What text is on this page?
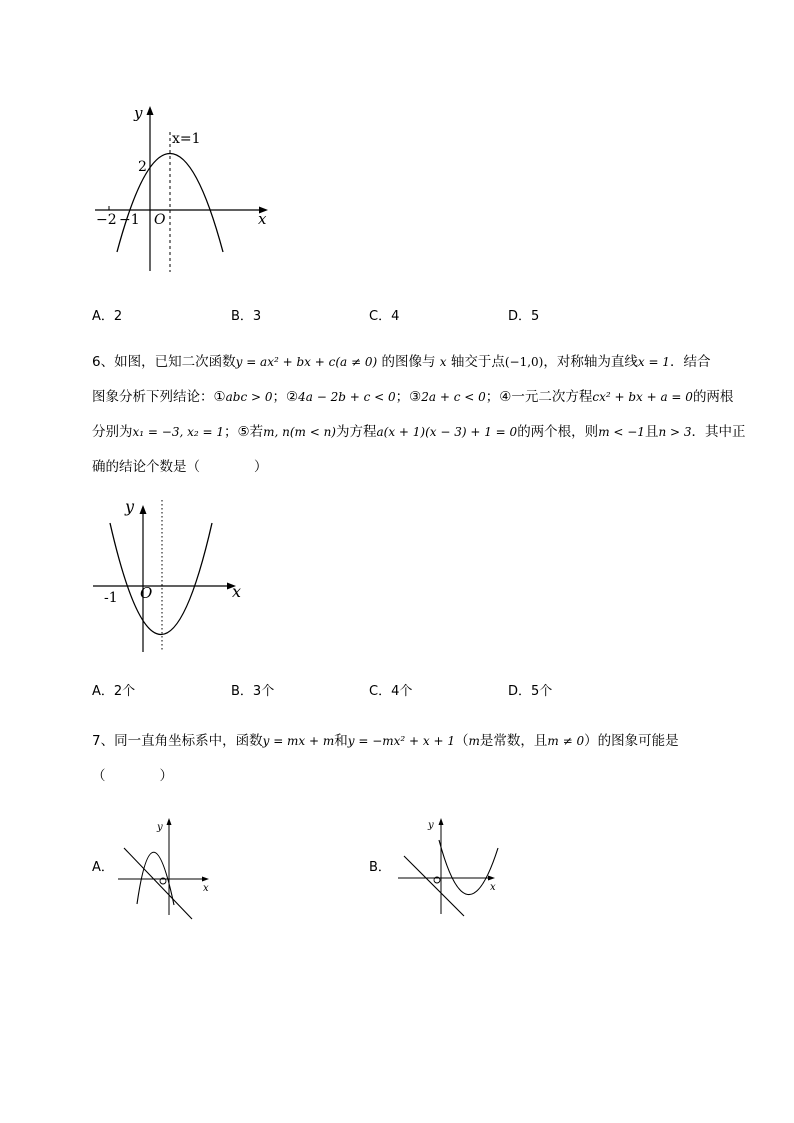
y
x=1
2
−2 −1 O	x
A．2	B．3	C．4	D．5
6、如图，已知二次函数y = ax² + bx + c(a ≠ 0) 的图像与 x 轴交于点(−1,0)，对称轴为直线x = 1．结合
图象分析下列结论：①abc > 0；②4a − 2b + c < 0；③2a + c < 0；④一元二次方程cx² + bx + a = 0的两根
分别为x₁ = −3, x₂ = 1；⑤若m, n(m < n)为方程a(x + 1)(x − 3) + 1 = 0的两个根，则m < −1且n > 3．其中正
确的结论个数是（　　　　）
y
-1 O	x
A．2个	B．3个	C．4个	D．5个
7、同一直角坐标系中，函数y = mx + m和y = −mx² + x + 1（m是常数，且m ≠ 0）的图象可能是
（　　　　）
A．
y
x
B．
y
x
